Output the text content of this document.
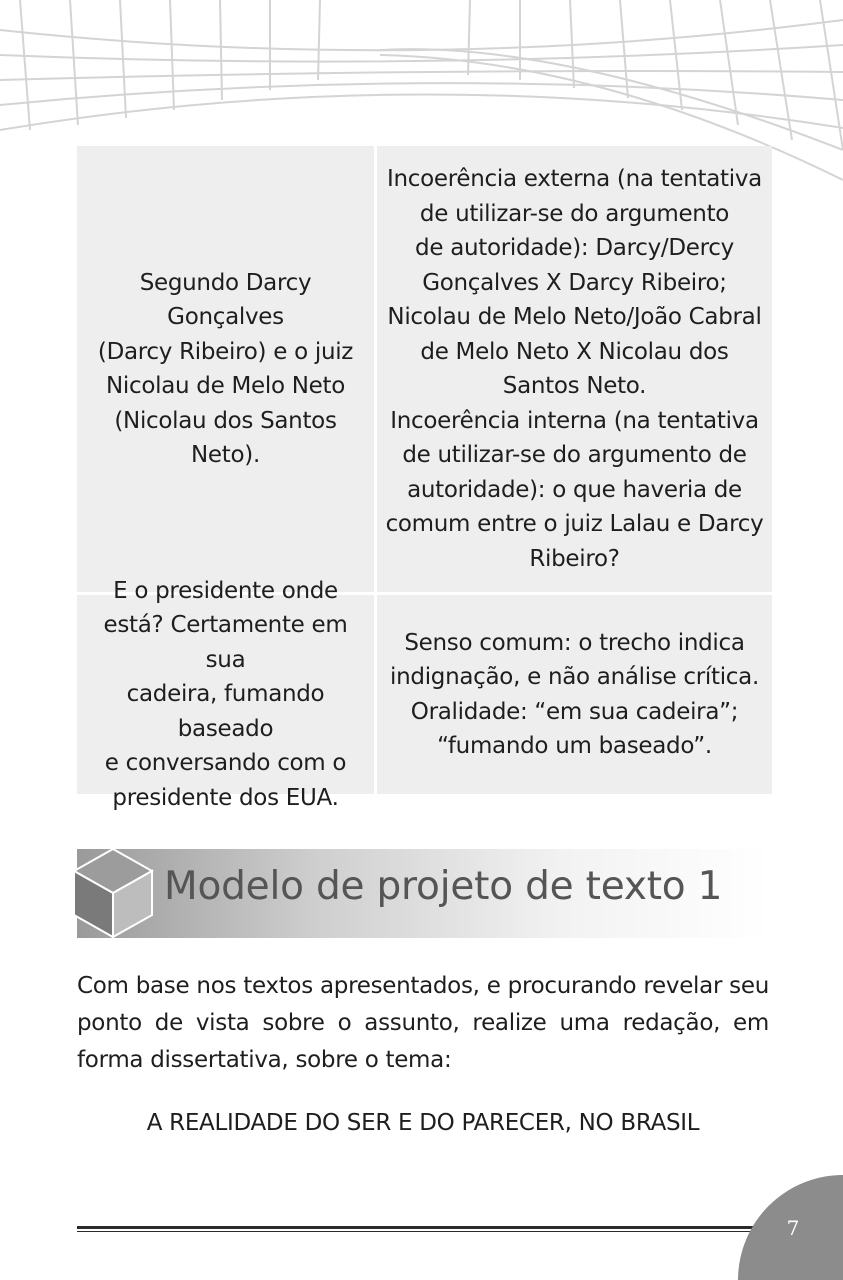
Segundo Darcy Gonçalves
(Darcy Ribeiro) e o juiz
Nicolau de Melo Neto
(Nicolau dos Santos Neto).
Incoerência externa (na tentativa
de utilizar-se do argumento
de autoridade): Darcy/Dercy
Gonçalves X Darcy Ribeiro;
Nicolau de Melo Neto/João Cabral
de Melo Neto X Nicolau dos
Santos Neto.
Incoerência interna (na tentativa
de utilizar-se do argumento de
autoridade): o que haveria de
comum entre o juiz Lalau e Darcy
Ribeiro?
E o presidente onde
está? Certamente em sua
cadeira, fumando baseado
e conversando com o
presidente dos EUA.
Senso comum: o trecho indica
indignação, e não análise crítica.
Oralidade: “em sua cadeira”;
“fumando um baseado”.
Modelo de projeto de texto 1
Com base nos textos apresentados, e procurando revelar seu ponto de vista sobre o assunto, realize uma redação, em forma dissertativa, sobre o tema:
A REALIDADE DO SER E DO PARECER, NO BRASIL
7
